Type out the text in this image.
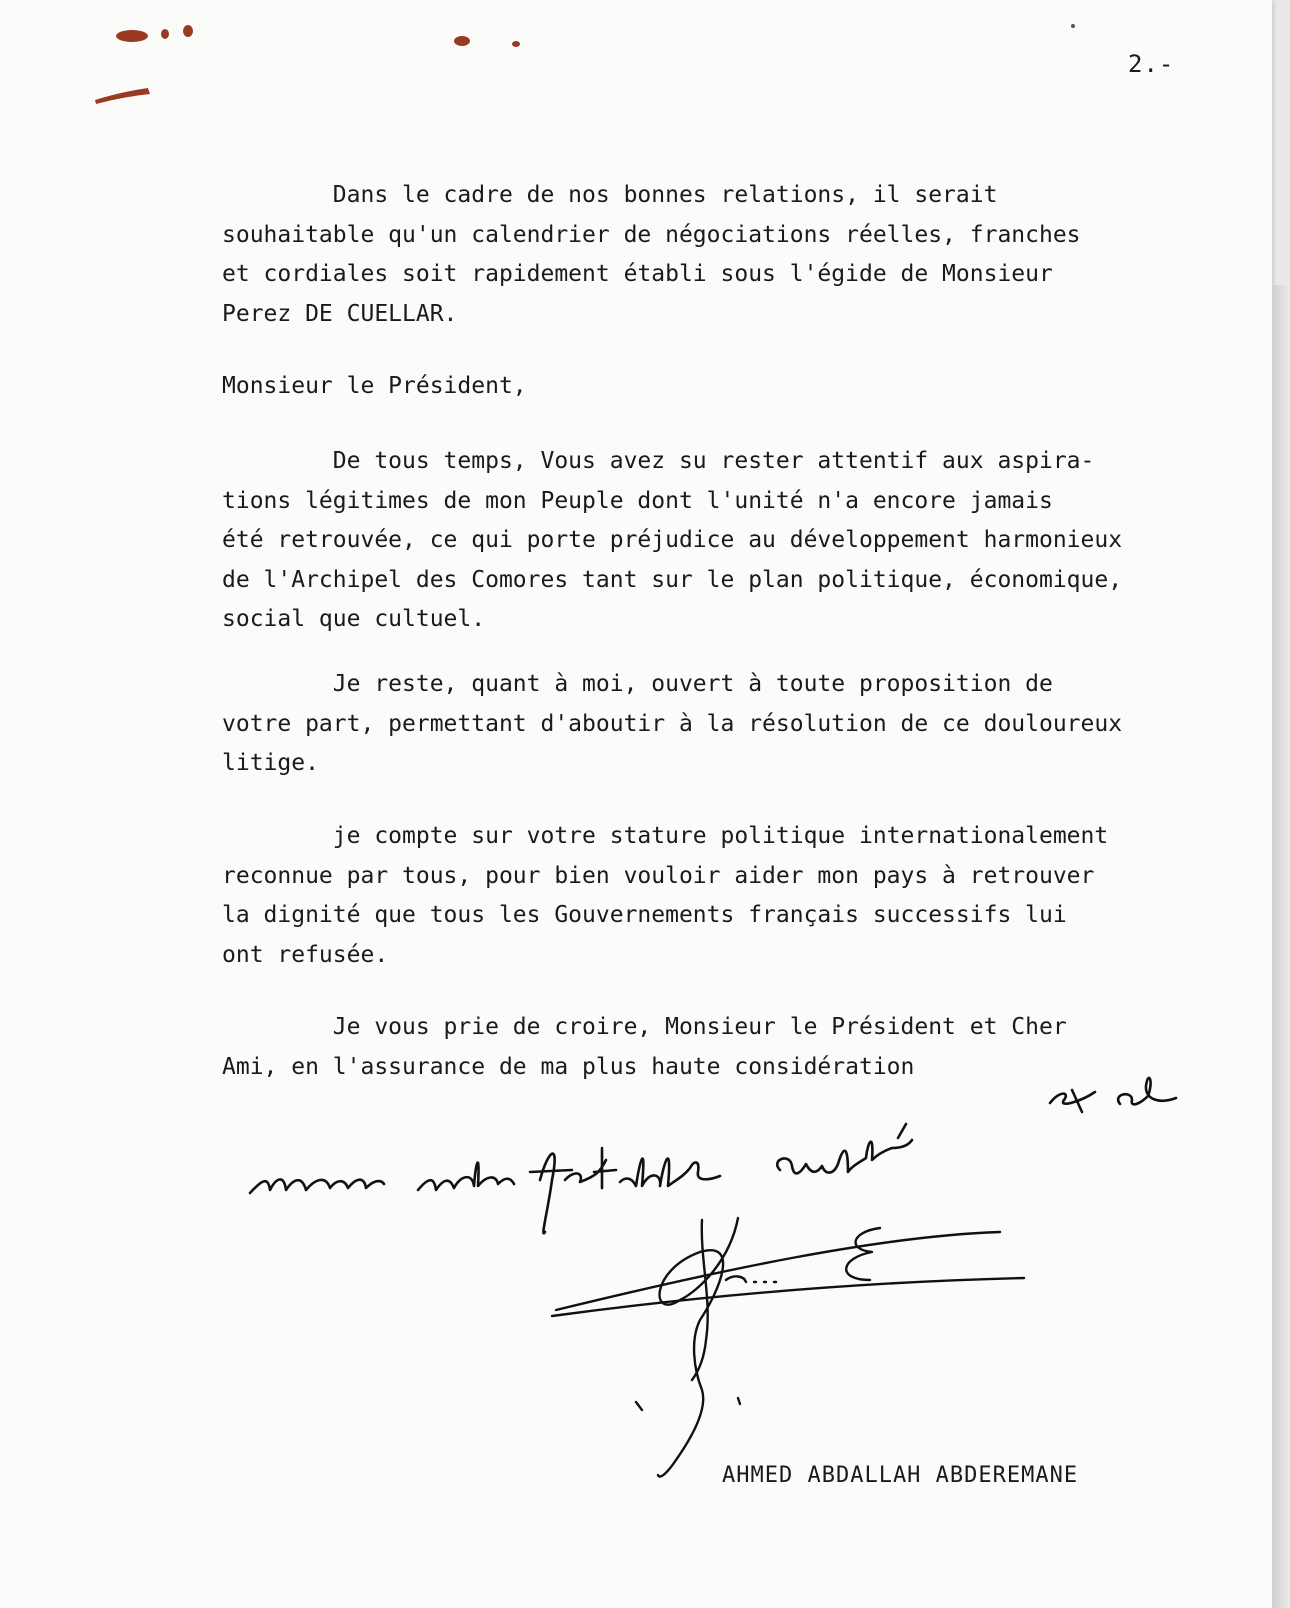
2.-

Dans le cadre de nos bonnes relations, il serait
souhaitable qu'un calendrier de négociations réelles, franches
et cordiales soit rapidement établi sous l'égide de Monsieur
Perez DE CUELLAR.

Monsieur le Président,

De tous temps, Vous avez su rester attentif aux aspira-
tions légitimes de mon Peuple dont l'unité n'a encore jamais
été retrouvée, ce qui porte préjudice au développement harmonieux
de l'Archipel des Comores tant sur le plan politique, économique,
social que cultuel.

Je reste, quant à moi, ouvert à toute proposition de
votre part, permettant d'aboutir à la résolution de ce douloureux
litige.

je compte sur votre stature politique internationalement
reconnue par tous, pour bien vouloir aider mon pays à retrouver
la dignité que tous les Gouvernements français successifs lui
ont refusée.

Je vous prie de croire, Monsieur le Président et Cher
Ami, en l'assurance de ma plus haute considération

AHMED ABDALLAH ABDEREMANE
